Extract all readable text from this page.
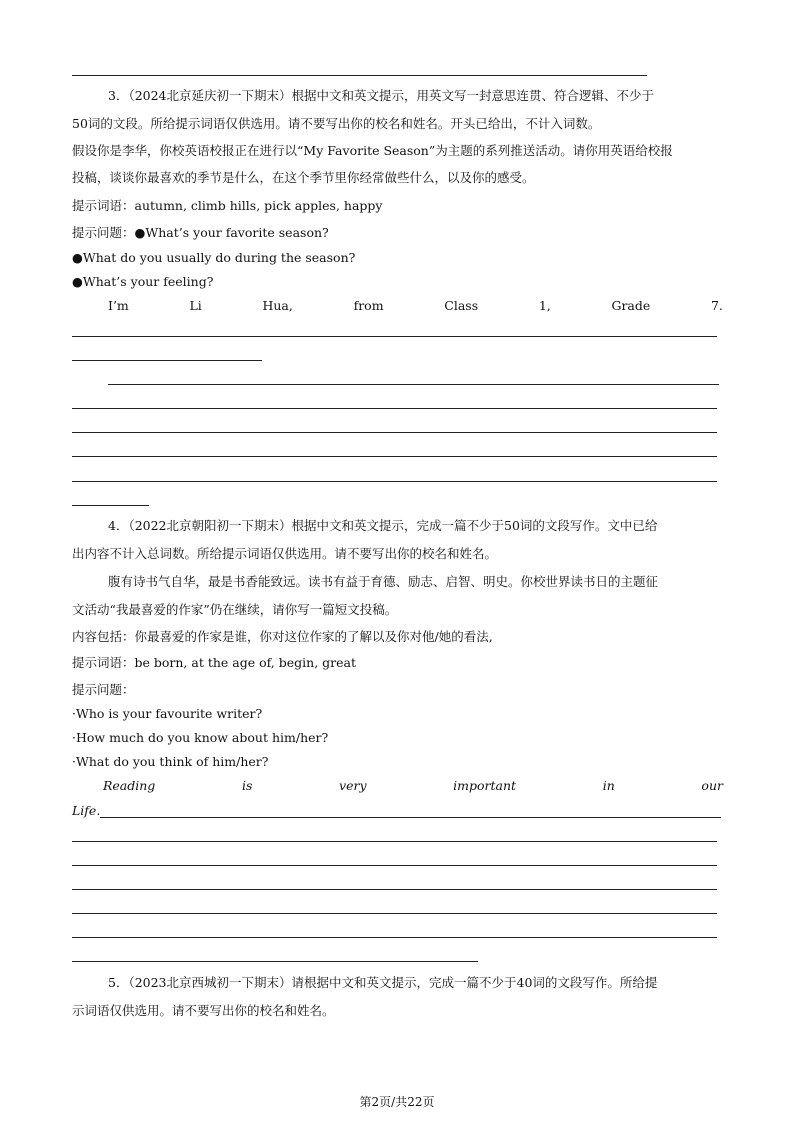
3．（2024北京延庆初一下期末）根据中文和英文提示，用英文写一封意思连贯、符合逻辑、不少于
50词的文段。所给提示词语仅供选用。请不要写出你的校名和姓名。开头已给出，不计入词数。
假设你是李华，你校英语校报正在进行以“My Favorite Season”为主题的系列推送活动。请你用英语给校报
投稿，谈谈你最喜欢的季节是什么，在这个季节里你经常做些什么，以及你的感受。
提示词语：autumn, climb hills, pick apples, happy
提示问题：●What’s your favorite season?
●What do you usually do during the season?
●What’s your feeling?
I’m	Li	Hua,	from	Class	1,	Grade	7.
4．（2022北京朝阳初一下期末）根据中文和英文提示，完成一篇不少于50词的文段写作。文中已给
出内容不计入总词数。所给提示词语仅供选用。请不要写出你的校名和姓名。
腹有诗书气自华，最是书香能致远。读书有益于育德、励志、启智、明史。你校世界读书日的主题征
文活动“我最喜爱的作家”仍在继续，请你写一篇短文投稿。
内容包括：你最喜爱的作家是谁，你对这位作家的了解以及你对他/她的看法,
提示词语：be born, at the age of, begin, great
提示问题：
·Who is your favourite writer?
·How much do you know about him/her?
·What do you think of him/her?
Reading	is	very	important	in	our
Life.
5．（2023北京西城初一下期末）请根据中文和英文提示，完成一篇不少于40词的文段写作。所给提
示词语仅供选用。请不要写出你的校名和姓名。
第2页/共22页
